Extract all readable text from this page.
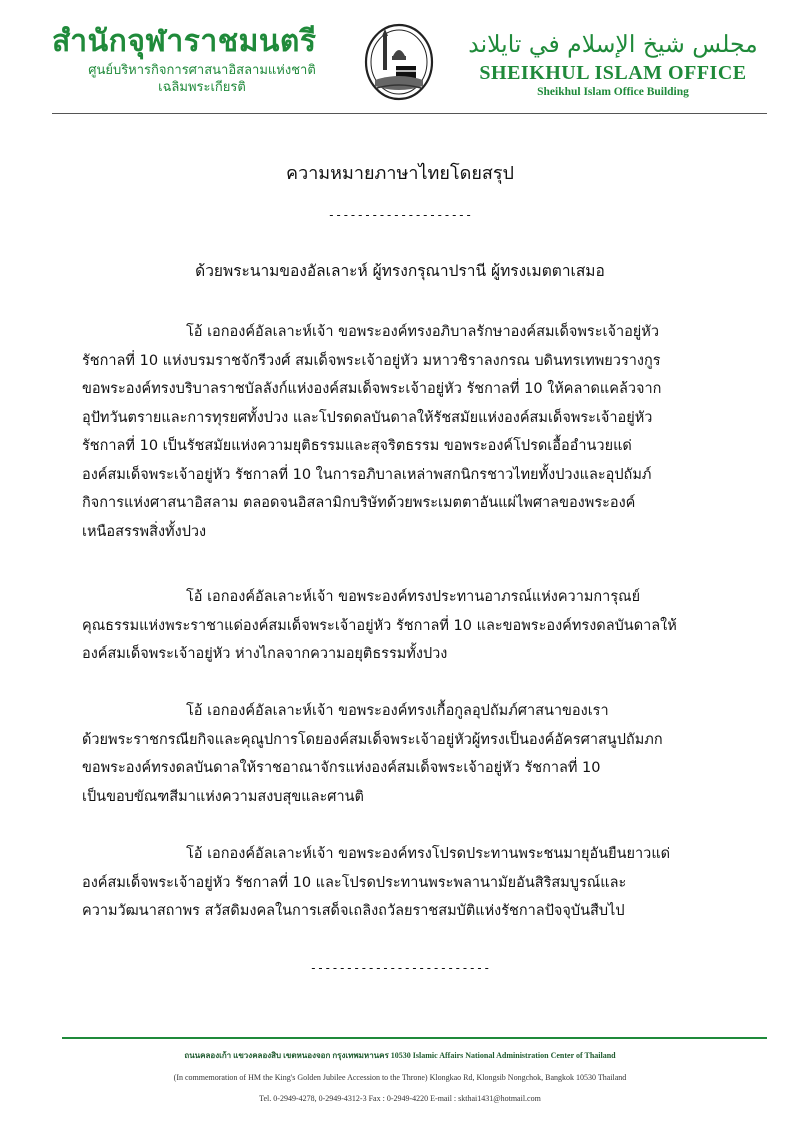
สำนักจุฬาราชมนตรี
ศูนย์บริหารกิจการศาสนาอิสลามแห่งชาติ
เฉลิมพระเกียรติ
مجلس شيخ الإسلام في تايلاند
SHEIKHUL ISLAM OFFICE
Sheikhul Islam Office Building
ความหมายภาษาไทยโดยสรุป
--------------------
ด้วยพระนามของอัลเลาะห์ ผู้ทรงกรุณาปรานี ผู้ทรงเมตตาเสมอ
โอ้ เอกองค์อัลเลาะห์เจ้า ขอพระองค์ทรงอภิบาลรักษาองค์สมเด็จพระเจ้าอยู่หัว
รัชกาลที่ 10 แห่งบรมราชจักรีวงศ์ สมเด็จพระเจ้าอยู่หัว มหาวชิราลงกรณ บดินทรเทพยวรางกูร
ขอพระองค์ทรงบริบาลราชบัลลังก์แห่งองค์สมเด็จพระเจ้าอยู่หัว รัชกาลที่ 10 ให้คลาดแคล้วจาก
อุปัทวันตรายและการทุรยศทั้งปวง และโปรดดลบันดาลให้รัชสมัยแห่งองค์สมเด็จพระเจ้าอยู่หัว
รัชกาลที่ 10 เป็นรัชสมัยแห่งความยุติธรรมและสุจริตธรรม ขอพระองค์โปรดเอื้ออำนวยแด่
องค์สมเด็จพระเจ้าอยู่หัว รัชกาลที่ 10 ในการอภิบาลเหล่าพสกนิกรชาวไทยทั้งปวงและอุปถัมภ์
กิจการแห่งศาสนาอิสลาม ตลอดจนอิสลามิกบริษัทด้วยพระเมตตาอันแผ่ไพศาลของพระองค์
เหนือสรรพสิ่งทั้งปวง
โอ้ เอกองค์อัลเลาะห์เจ้า ขอพระองค์ทรงประทานอาภรณ์แห่งความการุณย์
คุณธรรมแห่งพระราชาแด่องค์สมเด็จพระเจ้าอยู่หัว รัชกาลที่ 10 และขอพระองค์ทรงดลบันดาลให้
องค์สมเด็จพระเจ้าอยู่หัว ห่างไกลจากความอยุติธรรมทั้งปวง
โอ้ เอกองค์อัลเลาะห์เจ้า ขอพระองค์ทรงเกื้อกูลอุปถัมภ์ศาสนาของเรา
ด้วยพระราชกรณียกิจและคุณูปการโดยองค์สมเด็จพระเจ้าอยู่หัวผู้ทรงเป็นองค์อัครศาสนูปถัมภก
ขอพระองค์ทรงดลบันดาลให้ราชอาณาจักรแห่งองค์สมเด็จพระเจ้าอยู่หัว รัชกาลที่ 10
เป็นขอบขัณฑสีมาแห่งความสงบสุขและศานติ
โอ้ เอกองค์อัลเลาะห์เจ้า ขอพระองค์ทรงโปรดประทานพระชนมายุอันยืนยาวแด่
องค์สมเด็จพระเจ้าอยู่หัว รัชกาลที่ 10 และโปรดประทานพระพลานามัยอันสิริสมบูรณ์และ
ความวัฒนาสถาพร สวัสดิมงคลในการเสด็จเถลิงถวัลยราชสมบัติแห่งรัชกาลปัจจุบันสืบไป
-------------------------
ถนนคลองเก้า แขวงคลองสิบ เขตหนองจอก กรุงเทพมหานคร 10530 Islamic Affairs National Administration Center of Thailand
(In commemoration of HM the King's Golden Jubilee Accession to the Throne) Klongkao Rd, Klongsib Nongchok, Bangkok 10530 Thailand
Tel. 0-2949-4278, 0-2949-4312-3 Fax : 0-2949-4220 E-mail : skthai1431@hotmail.com
